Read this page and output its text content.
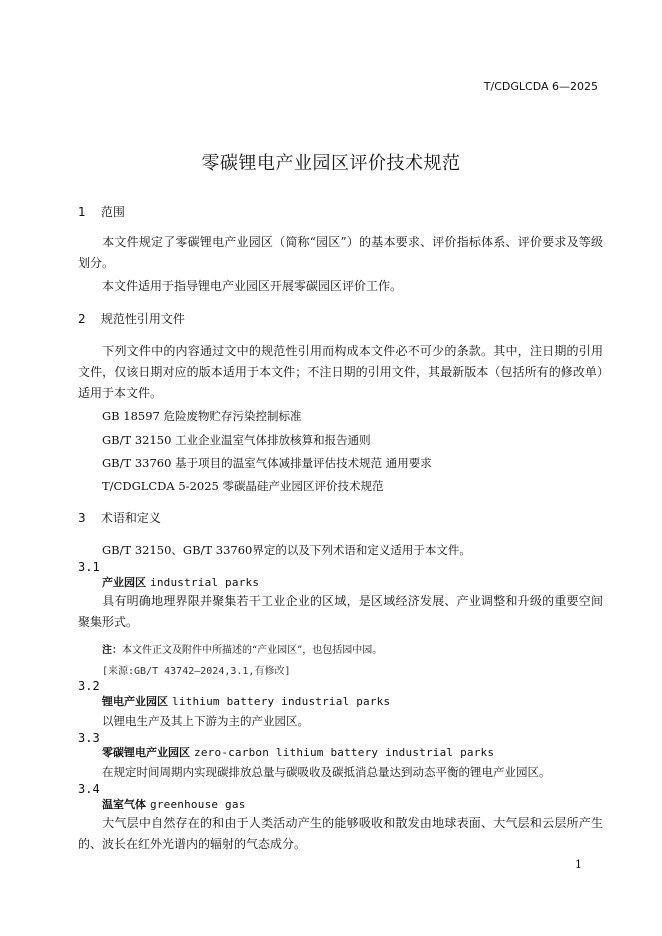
T/CDGLCDA 6—2025
零碳锂电产业园区评价技术规范
1 范围
本文件规定了零碳锂电产业园区（简称“园区”）的基本要求、评价指标体系、评价要求及等级划分。
本文件适用于指导锂电产业园区开展零碳园区评价工作。
2 规范性引用文件
下列文件中的内容通过文中的规范性引用而构成本文件必不可少的条款。其中，注日期的引用文件，仅该日期对应的版本适用于本文件；不注日期的引用文件，其最新版本（包括所有的修改单）适用于本文件。
GB 18597 危险废物贮存污染控制标准
GB/T 32150 工业企业温室气体排放核算和报告通则
GB/T 33760 基于项目的温室气体减排量评估技术规范 通用要求
T/CDGLCDA 5-2025 零碳晶硅产业园区评价技术规范
3 术语和定义
GB/T 32150、GB/T 33760界定的以及下列术语和定义适用于本文件。
3.1
产业园区 industrial parks
具有明确地理界限并聚集若干工业企业的区域，是区域经济发展、产业调整和升级的重要空间聚集形式。
注：本文件正文及附件中所描述的“产业园区”，也包括园中园。
[来源:GB/T 43742—2024,3.1,有修改]
3.2
锂电产业园区 lithium battery industrial parks
以锂电生产及其上下游为主的产业园区。
3.3
零碳锂电产业园区 zero-carbon lithium battery industrial parks
在规定时间周期内实现碳排放总量与碳吸收及碳抵消总量达到动态平衡的锂电产业园区。
3.4
温室气体 greenhouse gas
大气层中自然存在的和由于人类活动产生的能够吸收和散发由地球表面、大气层和云层所产生的、波长在红外光谱内的辐射的气态成分。
1
